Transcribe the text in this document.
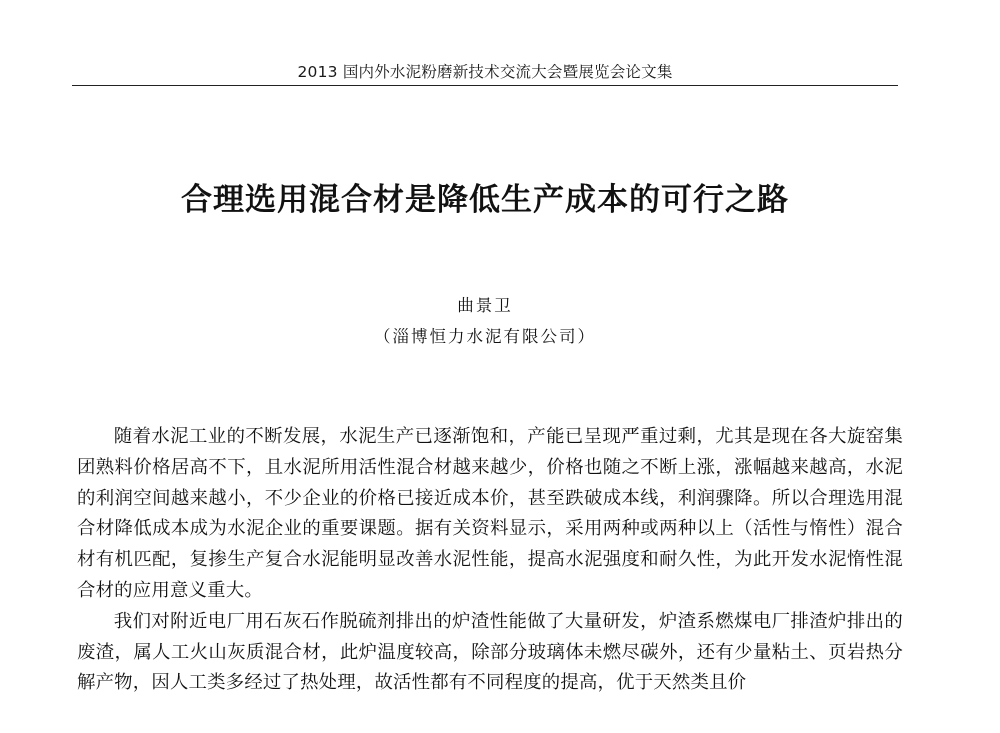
2013 国内外水泥粉磨新技术交流大会暨展览会论文集
合理选用混合材是降低生产成本的可行之路
曲景卫
（淄博恒力水泥有限公司）

随着水泥工业的不断发展，水泥生产已逐渐饱和，产能已呈现严重过剩，尤其是现在各大旋窑集团熟料价格居高不下，且水泥所用活性混合材越来越少，价格也随之不断上涨，涨幅越来越高，水泥的利润空间越来越小，不少企业的价格已接近成本价，甚至跌破成本线，利润骤降。所以合理选用混合材降低成本成为水泥企业的重要课题。据有关资料显示，采用两种或两种以上（活性与惰性）混合材有机匹配，复掺生产复合水泥能明显改善水泥性能，提高水泥强度和耐久性，为此开发水泥惰性混合材的应用意义重大。

我们对附近电厂用石灰石作脱硫剂排出的炉渣性能做了大量研发，炉渣系燃煤电厂排渣炉排出的废渣，属人工火山灰质混合材，此炉温度较高，除部分玻璃体未燃尽碳外，还有少量粘土、页岩热分解产物，因人工类多经过了热处理，故活性都有不同程度的提高，优于天然类且价
